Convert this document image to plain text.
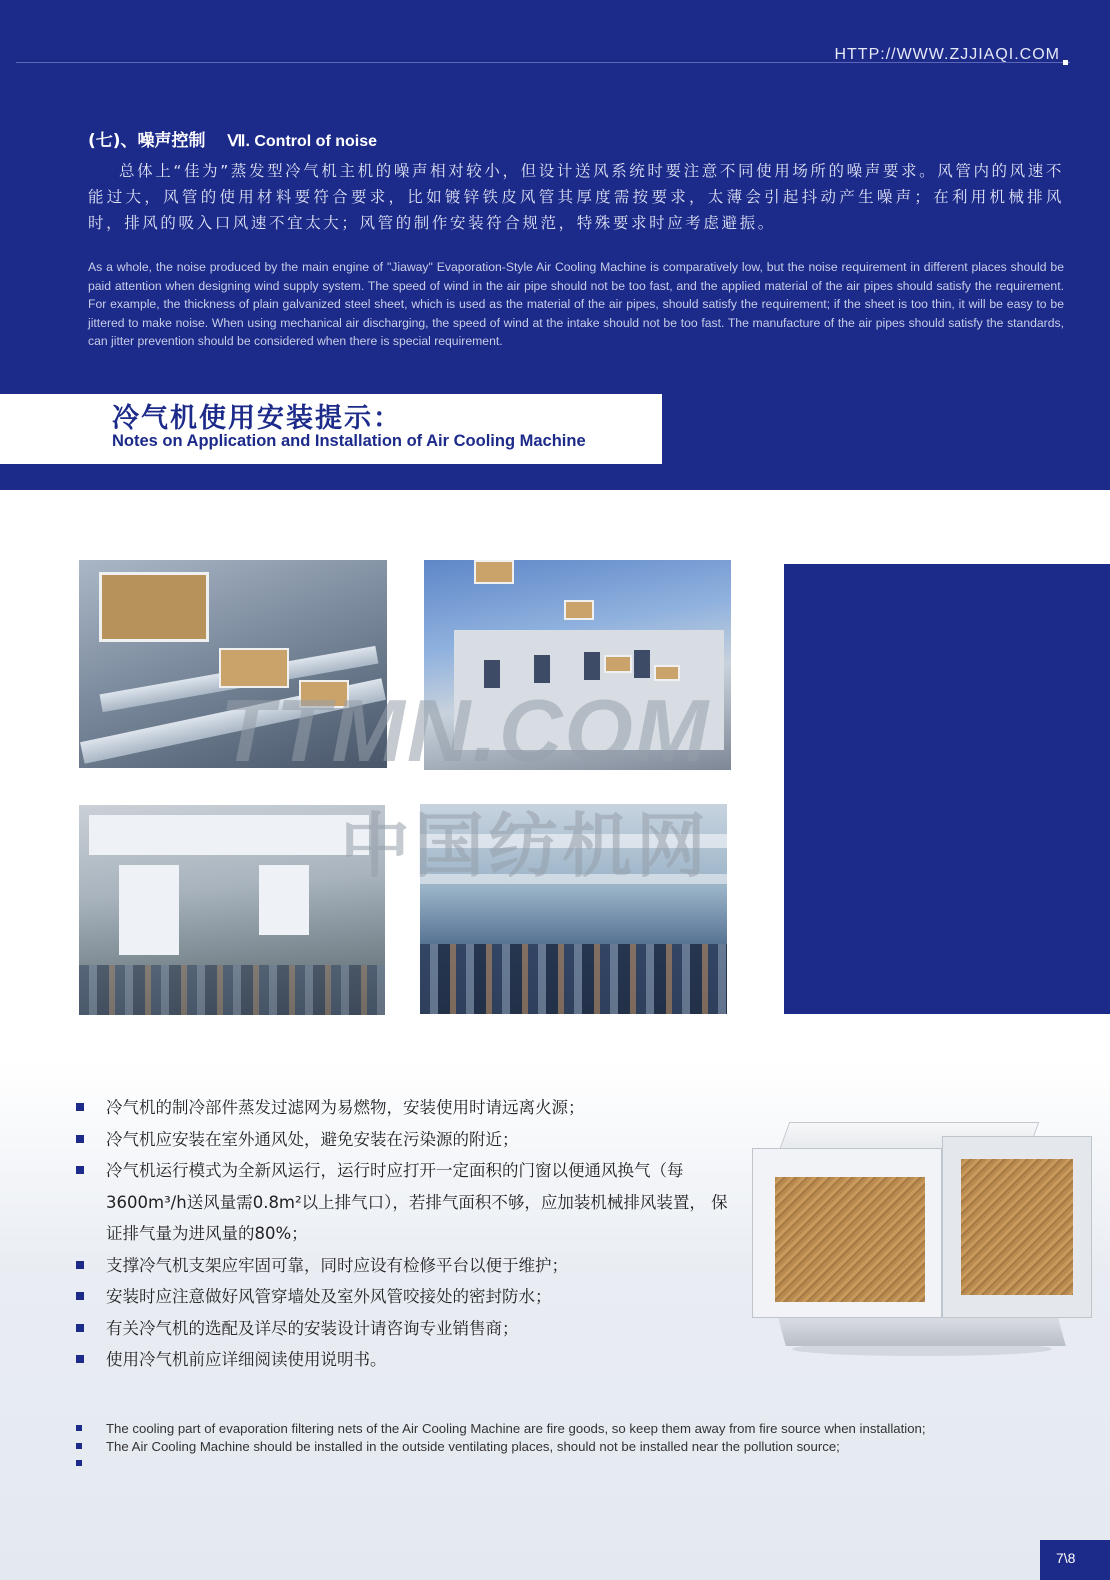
HTTP://WWW.ZJJIAQI.COM
(七)、噪声控制 Ⅶ. Control of noise

总体上“佳为”蒸发型冷气机主机的噪声相对较小，但设计送风系统时要注意不同使用场所的噪声要求。风管内的风速不能过大，风管的使用材料要符合要求，比如镀锌铁皮风管其厚度需按要求，太薄会引起抖动产生噪声；在利用机械排风时，排风的吸入口风速不宜太大；风管的制作安装符合规范，特殊要求时应考虑避振。

As a whole, the noise produced by the main engine of "Jiaway" Evaporation-Style Air Cooling Machine is comparatively low, but the noise requirement in different places should be paid attention when designing wind supply system. The speed of wind in the air pipe should not be too fast, and the applied material of the air pipes should satisfy the requirement. For example, the thickness of plain galvanized steel sheet, which is used as the material of the air pipes, should satisfy the requirement; if the sheet is too thin, it will be easy to be jittered to make noise. When using mechanical air discharging, the speed of wind at the intake should not be too fast. The manufacture of the air pipes should satisfy the standards, can jitter prevention should be considered when there is special requirement.

冷气机使用安装提示：
Notes on Application and Installation of Air Cooling Machine
TTMN.COM
中国纺机网
冷气机的制冷部件蒸发过滤网为易燃物，安装使用时请远离火源；
冷气机应安装在室外通风处，避免安装在污染源的附近；
冷气机运行模式为全新风运行，运行时应打开一定面积的门窗以便通风换气（每3600m³/h送风量需0.8m²以上排气口），若排气面积不够，应加装机械排风装置， 保证排气量为进风量的80%；
支撑冷气机支架应牢固可靠，同时应设有检修平台以便于维护；
安装时应注意做好风管穿墙处及室外风管咬接处的密封防水；
有关冷气机的选配及详尽的安装设计请咨询专业销售商；
使用冷气机前应详细阅读使用说明书。
The cooling part of evaporation filtering nets of the Air Cooling Machine are fire goods, so keep them away from fire source when installation;
The Air Cooling Machine should be installed in the outside ventilating places, should not be installed near the pollution source;
7\8
